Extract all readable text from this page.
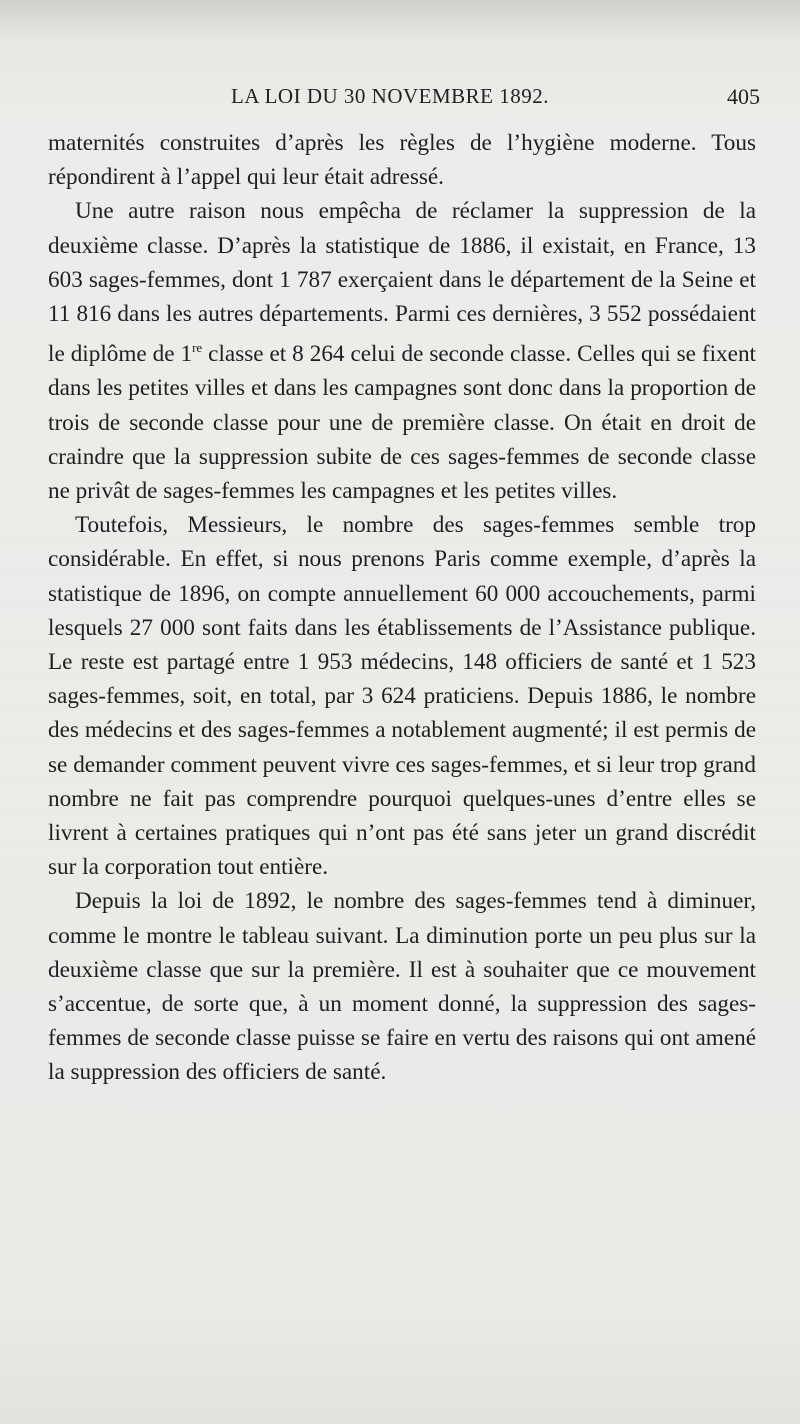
LA LOI DU 30 NOVEMBRE 1892.	405

maternités construites d’après les règles de l’hygiène moderne. Tous répondirent à l’appel qui leur était adressé.

Une autre raison nous empêcha de réclamer la suppression de la deuxième classe. D’après la statistique de 1886, il existait, en France, 13 603 sages-femmes, dont 1 787 exerçaient dans le département de la Seine et 11 816 dans les autres départements. Parmi ces dernières, 3 552 possédaient le diplôme de 1re classe et 8 264 celui de seconde classe. Celles qui se fixent dans les petites villes et dans les campagnes sont donc dans la proportion de trois de seconde classe pour une de première classe. On était en droit de craindre que la suppression subite de ces sages-femmes de seconde classe ne privât de sages-femmes les campagnes et les petites villes.

Toutefois, Messieurs, le nombre des sages-femmes semble trop considérable. En effet, si nous prenons Paris comme exemple, d’après la statistique de 1896, on compte annuellement 60 000 accouchements, parmi lesquels 27 000 sont faits dans les établissements de l’Assistance publique. Le reste est partagé entre 1 953 médecins, 148 officiers de santé et 1 523 sages-femmes, soit, en total, par 3 624 praticiens. Depuis 1886, le nombre des médecins et des sages-femmes a notablement augmenté; il est permis de se demander comment peuvent vivre ces sages-femmes, et si leur trop grand nombre ne fait pas comprendre pourquoi quelques-unes d’entre elles se livrent à certaines pratiques qui n’ont pas été sans jeter un grand discrédit sur la corporation tout entière.

Depuis la loi de 1892, le nombre des sages-femmes tend à diminuer, comme le montre le tableau suivant. La diminution porte un peu plus sur la deuxième classe que sur la première. Il est à souhaiter que ce mouvement s’accentue, de sorte que, à un moment donné, la suppression des sages-femmes de seconde classe puisse se faire en vertu des raisons qui ont amené la suppression des officiers de santé.
